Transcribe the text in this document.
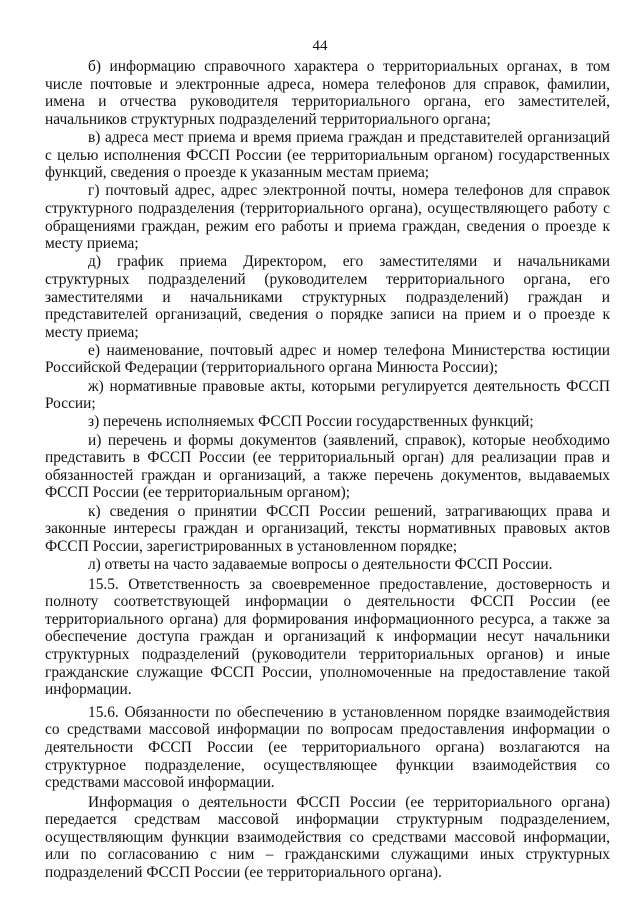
44

б) информацию справочного характера о территориальных органах, в том числе почтовые и электронные адреса, номера телефонов для справок, фамилии, имена и отчества руководителя территориального органа, его заместителей, начальников структурных подразделений территориального органа;

в) адреса мест приема и время приема граждан и представителей организаций с целью исполнения ФССП России (ее территориальным органом) государственных функций, сведения о проезде к указанным местам приема;

г) почтовый адрес, адрес электронной почты, номера телефонов для справок структурного подразделения (территориального органа), осуществляющего работу с обращениями граждан, режим его работы и приема граждан, сведения о проезде к месту приема;

д) график приема Директором, его заместителями и начальниками структурных подразделений (руководителем территориального органа, его заместителями и начальниками структурных подразделений) граждан и представителей организаций, сведения о порядке записи на прием и о проезде к месту приема;

е) наименование, почтовый адрес и номер телефона Министерства юстиции Российской Федерации (территориального органа Минюста России);

ж) нормативные правовые акты, которыми регулируется деятельность ФССП России;

з) перечень исполняемых ФССП России государственных функций;

и) перечень и формы документов (заявлений, справок), которые необходимо представить в ФССП России (ее территориальный орган) для реализации прав и обязанностей граждан и организаций, а также перечень документов, выдаваемых ФССП России (ее территориальным органом);

к) сведения о принятии ФССП России решений, затрагивающих права и законные интересы граждан и организаций, тексты нормативных правовых актов ФССП России, зарегистрированных в установленном порядке;

л) ответы на часто задаваемые вопросы о деятельности ФССП России.

15.5. Ответственность за своевременное предоставление, достоверность и полноту соответствующей информации о деятельности ФССП России (ее территориального органа) для формирования информационного ресурса, а также за обеспечение доступа граждан и организаций к информации несут начальники структурных подразделений (руководители территориальных органов) и иные гражданские служащие ФССП России, уполномоченные на предоставление такой информации.

15.6. Обязанности по обеспечению в установленном порядке взаимодействия со средствами массовой информации по вопросам предоставления информации о деятельности ФССП России (ее территориального органа) возлагаются на структурное подразделение, осуществляющее функции взаимодействия со средствами массовой информации.

Информация о деятельности ФССП России (ее территориального органа) передается средствам массовой информации структурным подразделением, осуществляющим функции взаимодействия со средствами массовой информации, или по согласованию с ним – гражданскими служащими иных структурных подразделений ФССП России (ее территориального органа).
